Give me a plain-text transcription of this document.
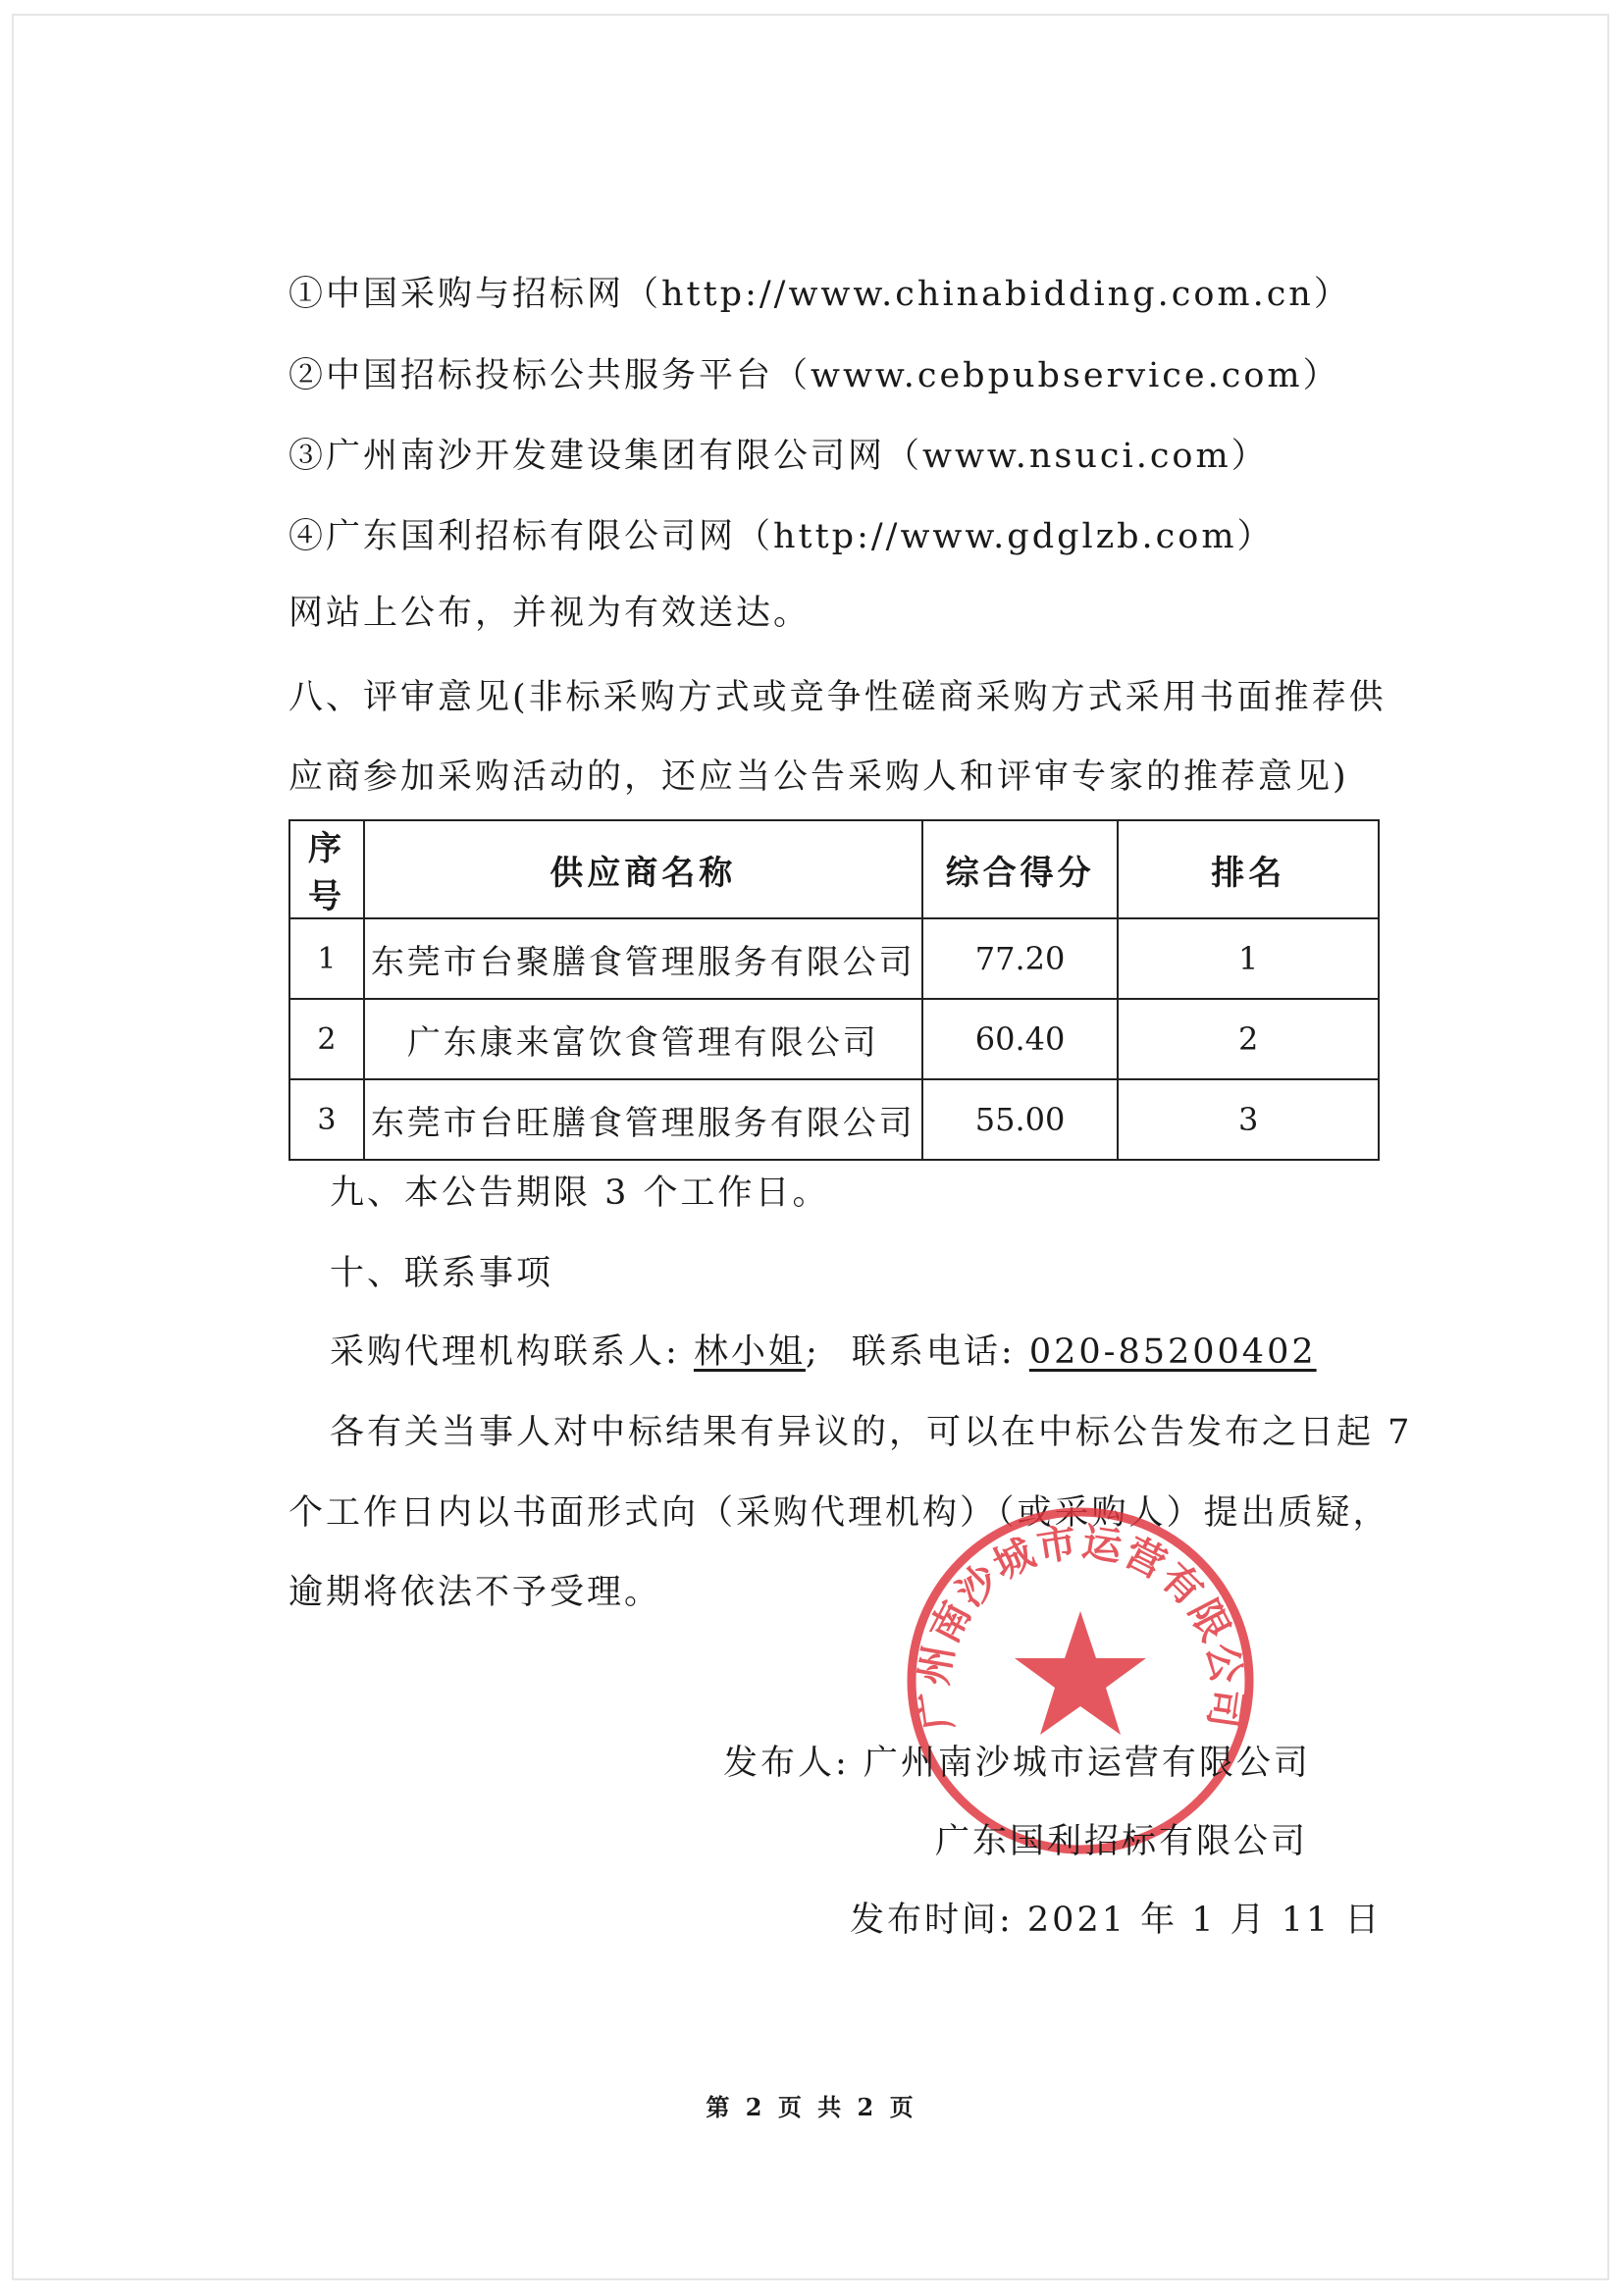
①中国采购与招标网（http://www.chinabidding.com.cn）
②中国招标投标公共服务平台（www.cebpubservice.com）
③广州南沙开发建设集团有限公司网（www.nsuci.com）
④广东国利招标有限公司网（http://www.gdglzb.com）
网站上公布，并视为有效送达。
八、评审意见(非标采购方式或竞争性磋商采购方式采用书面推荐供
应商参加采购活动的，还应当公告采购人和评审专家的推荐意见)
序号	供应商名称	综合得分	排名
1	东莞市台聚膳食管理服务有限公司	77.20	1
2	广东康来富饮食管理有限公司	60.40	2
3	东莞市台旺膳食管理服务有限公司	55.00	3
九、本公告期限 3 个工作日。
十、联系事项
采购代理机构联系人: 林小姐; 联系电话: 020-85200402
各有关当事人对中标结果有异议的，可以在中标公告发布之日起 7
个工作日内以书面形式向（采购代理机构）（或采购人）提出质疑，
逾期将依法不予受理。
广州南沙城市运营有限公司
发布人: 广州南沙城市运营有限公司
广东国利招标有限公司
发布时间: 2021 年 1 月 11 日
第 2 页 共 2 页
